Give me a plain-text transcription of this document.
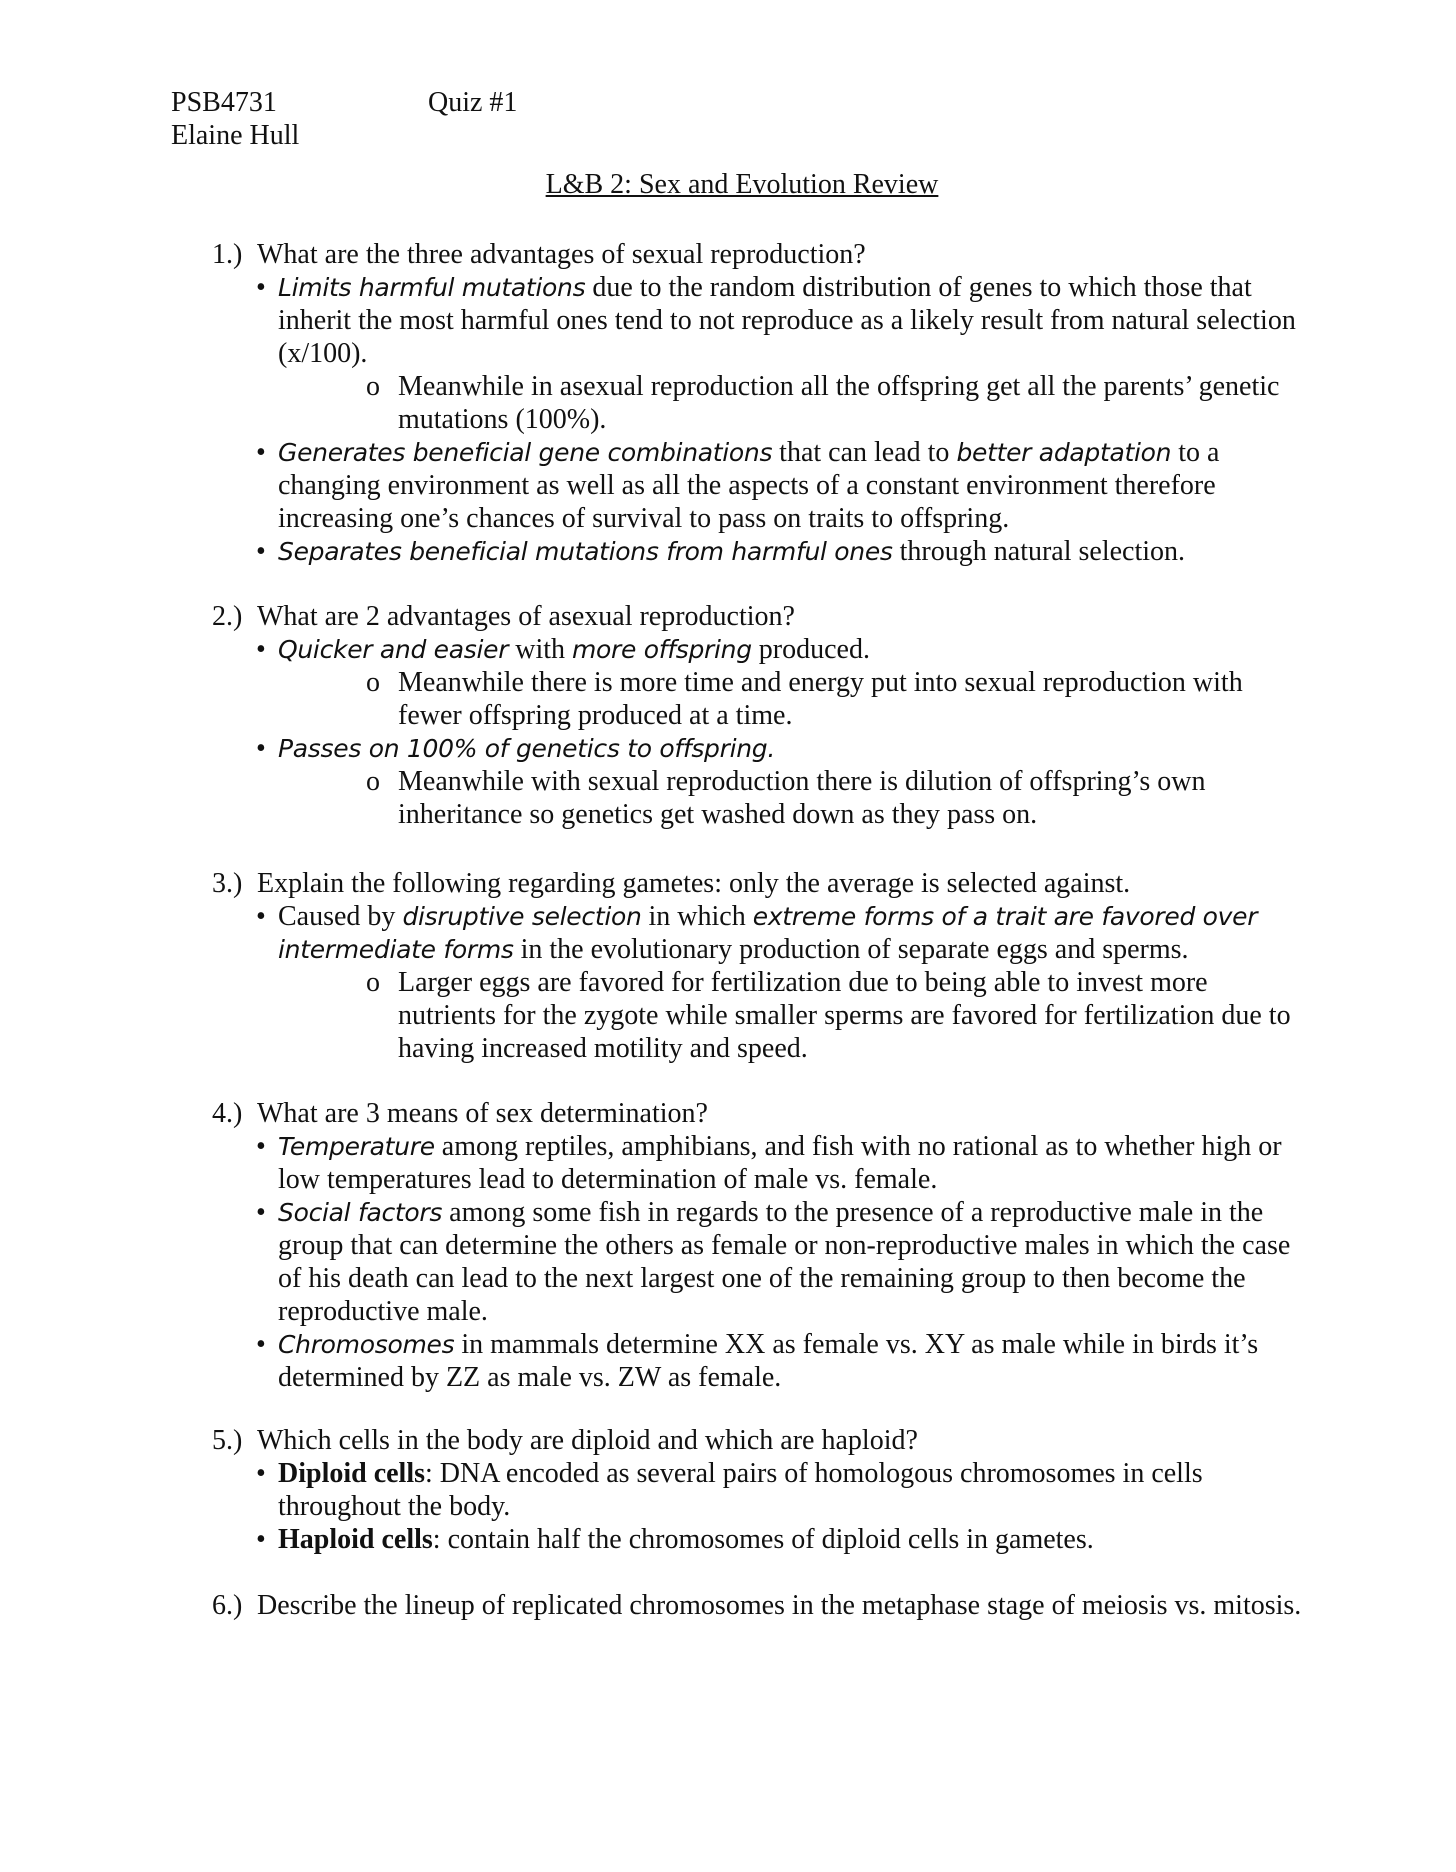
PSB4731	Quiz #1
Elaine Hull
L&B 2: Sex and Evolution Review
1.) What are the three advantages of sexual reproduction?
• Limits harmful mutations due to the random distribution of genes to which those that inherit the most harmful ones tend to not reproduce as a likely result from natural selection (x/100).
o Meanwhile in asexual reproduction all the offspring get all the parents’ genetic mutations (100%).
• Generates beneficial gene combinations that can lead to better adaptation to a changing environment as well as all the aspects of a constant environment therefore increasing one’s chances of survival to pass on traits to offspring.
• Separates beneficial mutations from harmful ones through natural selection.
2.) What are 2 advantages of asexual reproduction?
• Quicker and easier with more offspring produced.
o Meanwhile there is more time and energy put into sexual reproduction with fewer offspring produced at a time.
• Passes on 100% of genetics to offspring.
o Meanwhile with sexual reproduction there is dilution of offspring’s own inheritance so genetics get washed down as they pass on.
3.) Explain the following regarding gametes: only the average is selected against.
• Caused by disruptive selection in which extreme forms of a trait are favored over intermediate forms in the evolutionary production of separate eggs and sperms.
o Larger eggs are favored for fertilization due to being able to invest more nutrients for the zygote while smaller sperms are favored for fertilization due to having increased motility and speed.
4.) What are 3 means of sex determination?
• Temperature among reptiles, amphibians, and fish with no rational as to whether high or low temperatures lead to determination of male vs. female.
• Social factors among some fish in regards to the presence of a reproductive male in the group that can determine the others as female or non-reproductive males in which the case of his death can lead to the next largest one of the remaining group to then become the reproductive male.
• Chromosomes in mammals determine XX as female vs. XY as male while in birds it’s determined by ZZ as male vs. ZW as female.
5.) Which cells in the body are diploid and which are haploid?
• Diploid cells: DNA encoded as several pairs of homologous chromosomes in cells throughout the body.
• Haploid cells: contain half the chromosomes of diploid cells in gametes.
6.) Describe the lineup of replicated chromosomes in the metaphase stage of meiosis vs. mitosis.
